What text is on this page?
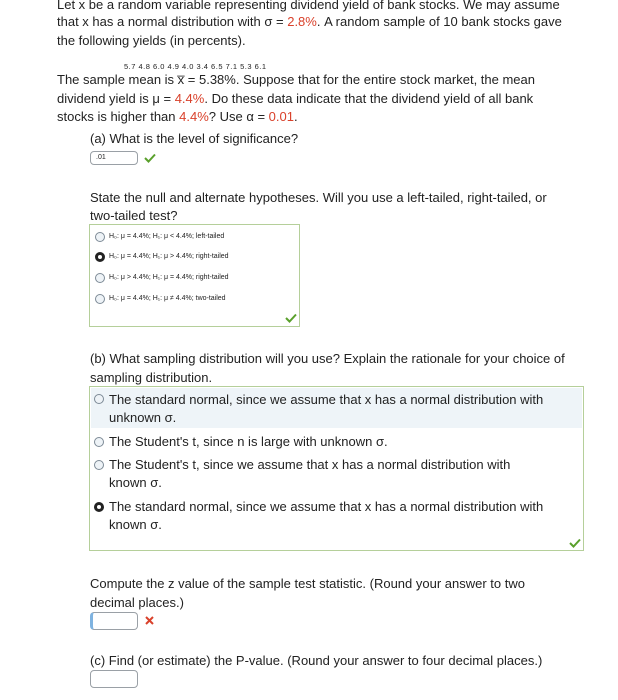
Let x be a random variable representing dividend yield of bank stocks. We may assume
that x has a normal distribution with σ = 2.8%. A random sample of 10 bank stocks gave
the following yields (in percents).
5.7 4.8 6.0 4.9 4.0 3.4 6.5 7.1 5.3 6.1
The sample mean is x̅ = 5.38%. Suppose that for the entire stock market, the mean
dividend yield is μ = 4.4%. Do these data indicate that the dividend yield of all bank
stocks is higher than 4.4%? Use α = 0.01.
(a) What is the level of significance?
.01
State the null and alternate hypotheses. Will you use a left-tailed, right-tailed, or
two-tailed test?
H₀: μ = 4.4%; H₁: μ < 4.4%; left-tailed
H₀: μ = 4.4%; H₁: μ > 4.4%; right-tailed
H₀: μ > 4.4%; H₁: μ = 4.4%; right-tailed
H₀: μ = 4.4%; H₁: μ ≠ 4.4%; two-tailed
(b) What sampling distribution will you use? Explain the rationale for your choice of
sampling distribution.
The standard normal, since we assume that x has a normal distribution with
unknown σ.
The Student's t, since n is large with unknown σ.
The Student's t, since we assume that x has a normal distribution with
known σ.
The standard normal, since we assume that x has a normal distribution with
known σ.
Compute the z value of the sample test statistic. (Round your answer to two
decimal places.)
(c) Find (or estimate) the P-value. (Round your answer to four decimal places.)
